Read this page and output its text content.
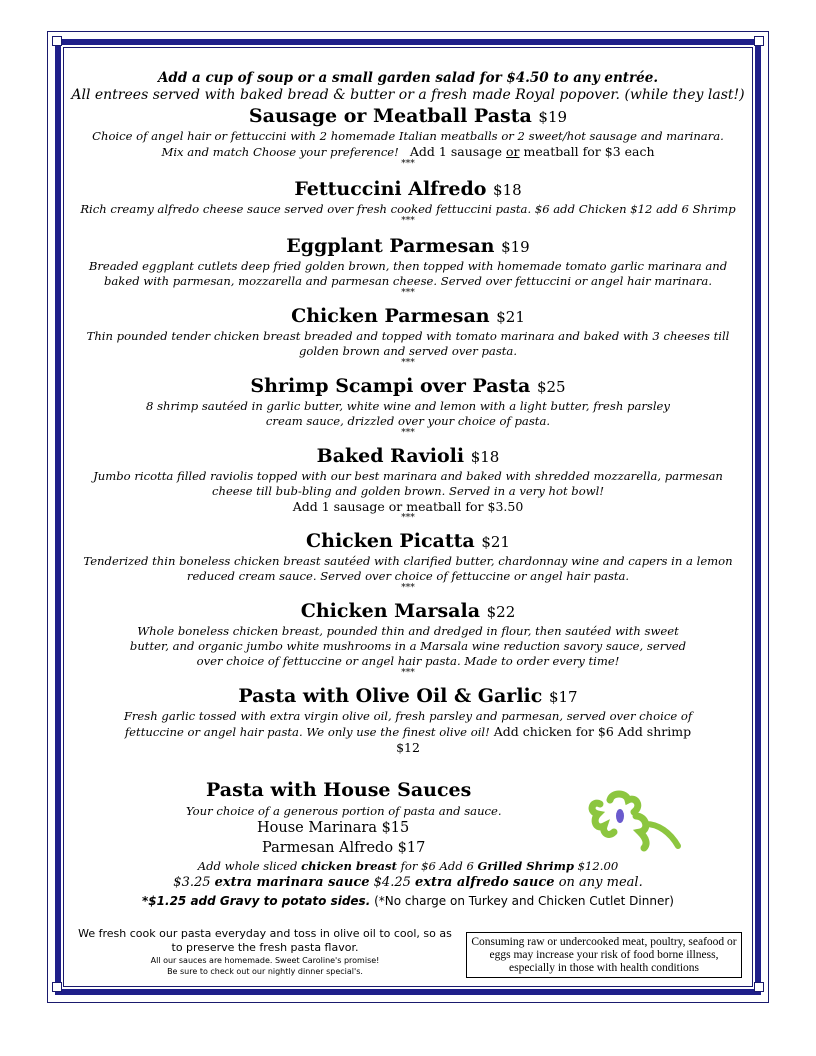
Add a cup of soup or a small garden salad for $4.50 to any entrée.
All entrees served with baked bread & butter or a fresh made Royal popover. (while they last!)
Sausage or Meatball Pasta $19
Choice of angel hair or fettuccini with 2 homemade Italian meatballs or 2 sweet/hot sausage and marinara.
Mix and match Choose your preference! Add 1 sausage or meatball for $3 each
***
Fettuccini Alfredo $18
Rich creamy alfredo cheese sauce served over fresh cooked fettuccini pasta. $6 add Chicken $12 add 6 Shrimp
***
Eggplant Parmesan $19
Breaded eggplant cutlets deep fried golden brown, then topped with homemade tomato garlic marinara and baked with parmesan, mozzarella and parmesan cheese. Served over fettuccini or angel hair marinara.
***
Chicken Parmesan $21
Thin pounded tender chicken breast breaded and topped with tomato marinara and baked with 3 cheeses till golden brown and served over pasta.
***
Shrimp Scampi over Pasta $25
8 shrimp sautéed in garlic butter, white wine and lemon with a light butter, fresh parsley cream sauce, drizzled over your choice of pasta.
***
Baked Ravioli $18
Jumbo ricotta filled raviolis topped with our best marinara and baked with shredded mozzarella, parmesan cheese till bub-bling and golden brown. Served in a very hot bowl!
Add 1 sausage or meatball for $3.50
***
Chicken Picatta $21
Tenderized thin boneless chicken breast sautéed with clarified butter, chardonnay wine and capers in a lemon reduced cream sauce. Served over choice of fettuccine or angel hair pasta.
***
Chicken Marsala $22
Whole boneless chicken breast, pounded thin and dredged in flour, then sautéed with sweet butter, and organic jumbo white mushrooms in a Marsala wine reduction savory sauce, served over choice of fettuccine or angel hair pasta. Made to order every time!
***
Pasta with Olive Oil & Garlic $17
Fresh garlic tossed with extra virgin olive oil, fresh parsley and parmesan, served over choice of fettuccine or angel hair pasta. We only use the finest olive oil! Add chicken for $6 Add shrimp $12
Pasta with House Sauces
Your choice of a generous portion of pasta and sauce.
House Marinara $15
Parmesan Alfredo $17
Add whole sliced chicken breast for $6 Add 6 Grilled Shrimp $12.00
$3.25 extra marinara sauce $4.25 extra alfredo sauce on any meal.
*$1.25 add Gravy to potato sides. (*No charge on Turkey and Chicken Cutlet Dinner)
We fresh cook our pasta everyday and toss in olive oil to cool, so as to preserve the fresh pasta flavor.
All our sauces are homemade. Sweet Caroline's promise!
Be sure to check out our nightly dinner special's.
Consuming raw or undercooked meat, poultry, seafood or eggs may increase your risk of food borne illness, especially in those with health conditions
